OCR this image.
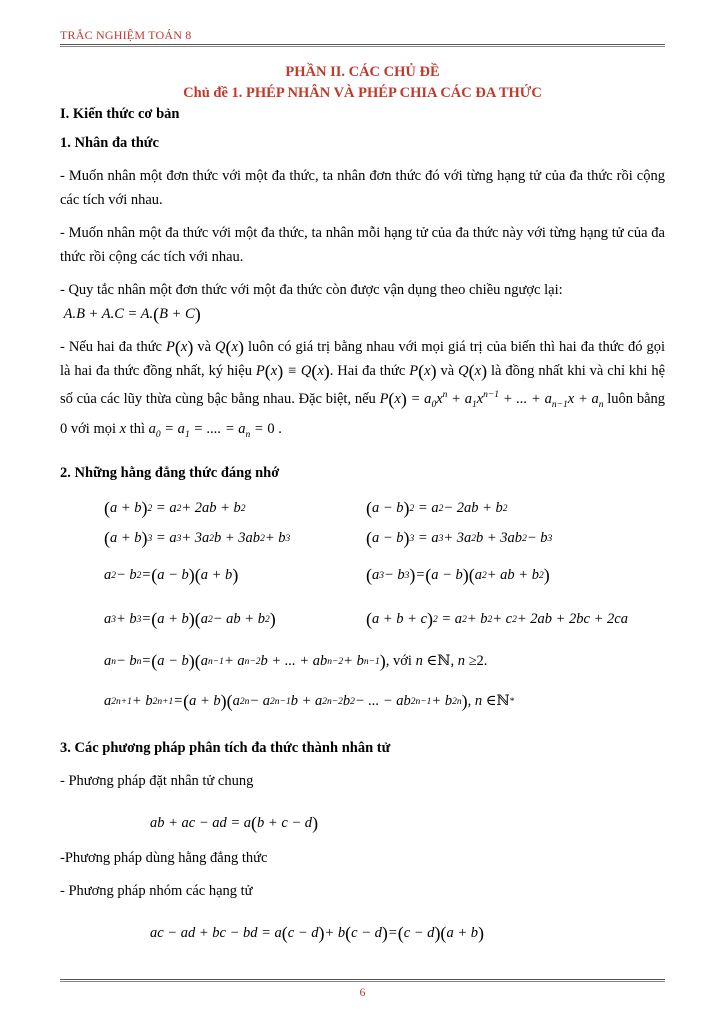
TRẮC NGHIỆM TOÁN 8
PHẦN II. CÁC CHỦ ĐỀ
Chủ đề 1. PHÉP NHÂN VÀ PHÉP CHIA CÁC ĐA THỨC
I. Kiến thức cơ bản
1. Nhân đa thức

- Muốn nhân một đơn thức với một đa thức, ta nhân đơn thức đó với từng hạng tử của đa thức rồi cộng các tích với nhau.

- Muốn nhân một đa thức với một đa thức, ta nhân mỗi hạng tử của đa thức này với từng hạng tử của đa thức rồi cộng các tích với nhau.

- Quy tắc nhân một đơn thức với một đa thức còn được vận dụng theo chiều ngược lại:
A.B + A.C = A.(B + C)

- Nếu hai đa thức P(x) và Q(x) luôn có giá trị bằng nhau với mọi giá trị của biến thì hai đa thức đó gọi là hai đa thức đồng nhất, ký hiệu P(x) ≡ Q(x). Hai đa thức P(x) và Q(x) là đồng nhất khi và chỉ khi hệ số của các lũy thừa cùng bậc bằng nhau. Đặc biệt, nếu $P(x) = a_0x^n + a_1x^{n-1}$ + ... + $a_{n-1}x + a_n$ luôn bằng 0 với mọi x thì $a_0 = a_1$ = .... = $a_n = 0$ .

2. Những hằng đẳng thức đáng nhớ
( a + b ) 2 = a 2 + 2ab + b 2	( a − b ) 2 = a 2 − 2ab + b 2
( a + b ) 3 = a 3 + 3a 2 b + 3ab 2 + b 3	( a − b ) 3 = a 3 + 3a 2 b + 3ab 2 − b 3
a 2 − b 2 = ( a − b )( a + b )	( a 3 − b 3 ) = ( a − b )( a 2 + ab + b 2 )
a 3 + b 3 = ( a + b )( a 2 − ab + b 2 )	( a + b + c ) 2 = a 2 + b 2 + c 2 + 2ab + 2bc + 2ca
a n − b n = ( a − b )( a n−1 + a n−2 b + ... + ab n−2 + b n−1 ) , với n ∈ ℕ , n ≥ 2 .
a 2n+1 + b 2n+1 = ( a + b )( a 2n − a 2n−1 b + a 2n−2 b 2 − ... − ab 2n−1 + b 2n ) , n ∈ ℕ *
3. Các phương pháp phân tích đa thức thành nhân tử

- Phương pháp đặt nhân tử chung

ab + ac − ad = a ( b + c − d )

-Phương pháp dùng hằng đẳng thức

- Phương pháp nhóm các hạng tử

ac − ad + bc − bd = a ( c − d ) + b ( c − d ) = ( c − d )( a + b )
6
